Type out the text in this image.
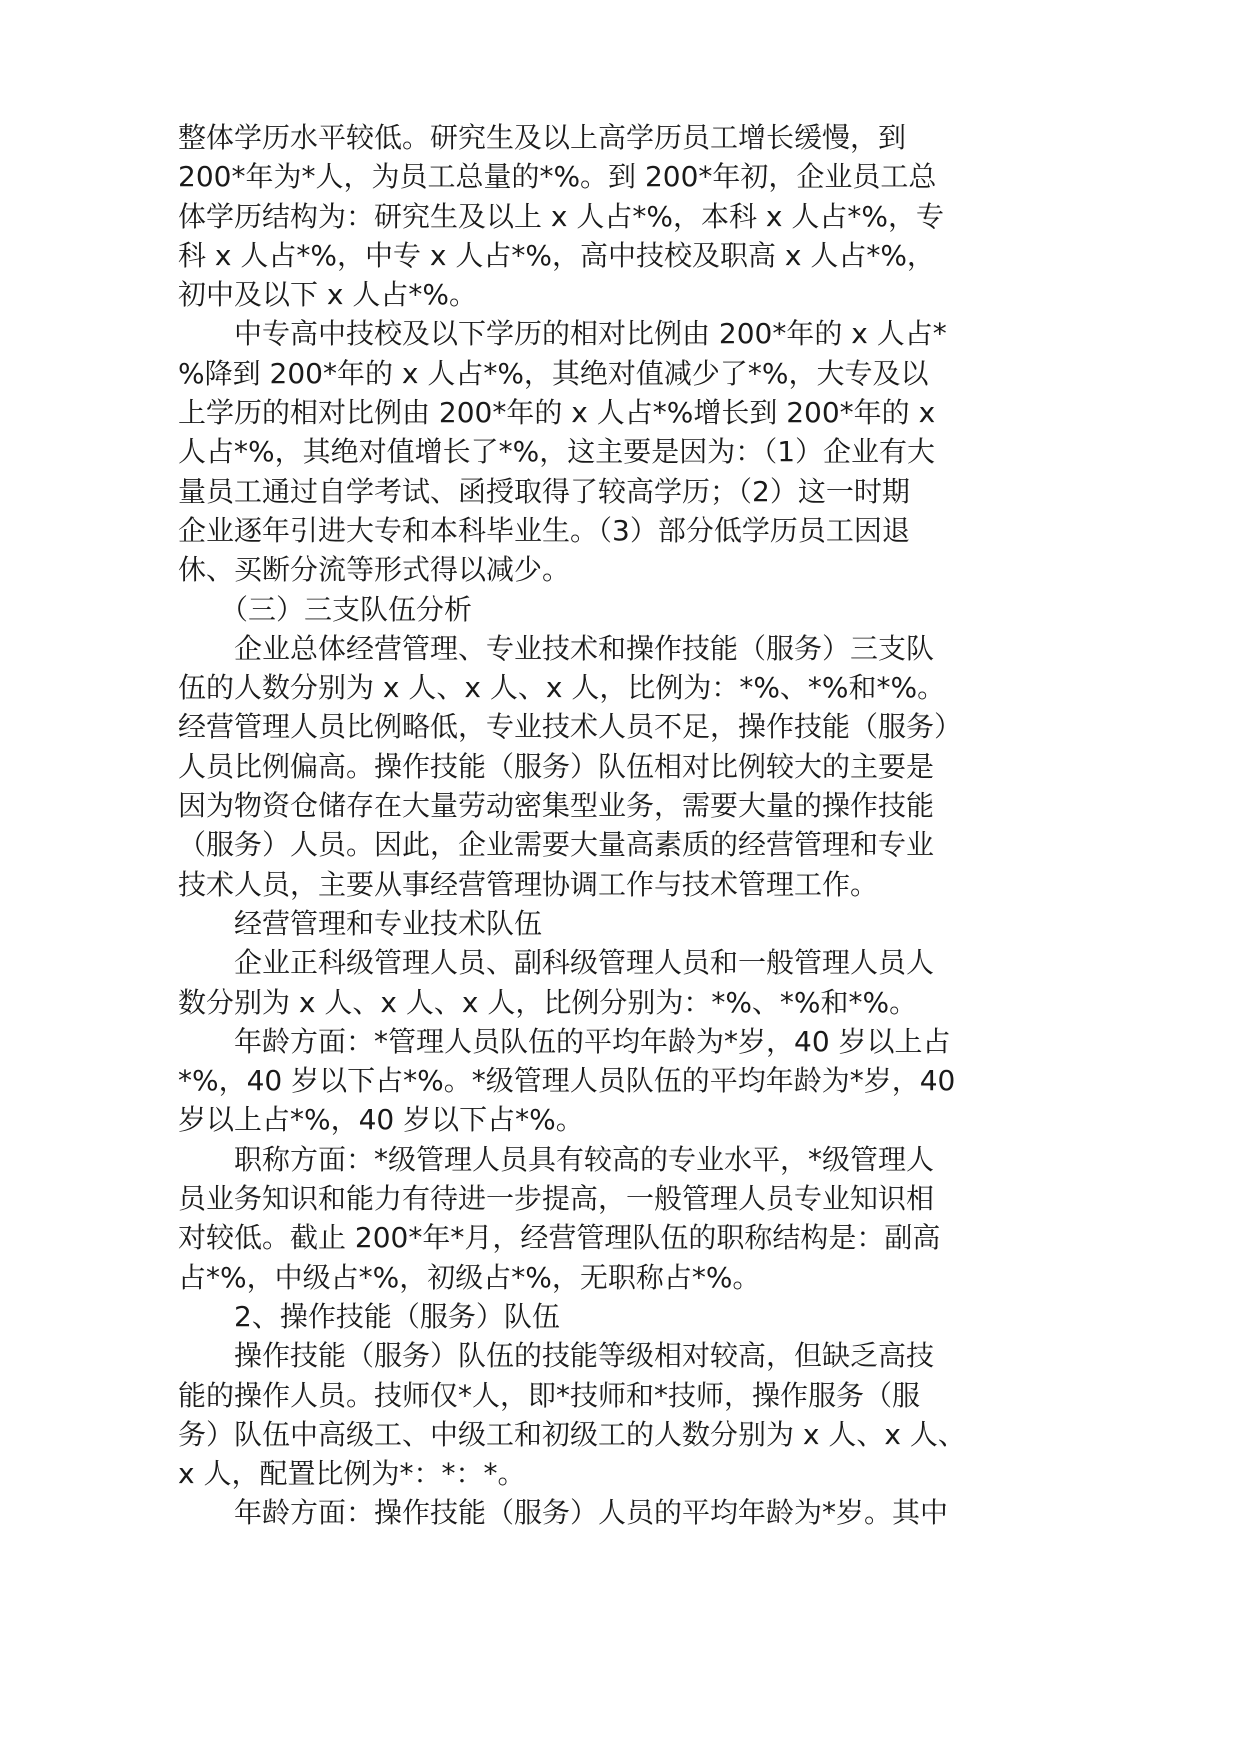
整体学历水平较低。研究生及以上高学历员工增长缓慢，到
200*年为*人，为员工总量的*%。到 200*年初，企业员工总
体学历结构为：研究生及以上 x 人占*%，本科 x 人占*%，专
科 x 人占*%，中专 x 人占*%，高中技校及职高 x 人占*%，
初中及以下 x 人占*%。
　　中专高中技校及以下学历的相对比例由 200*年的 x 人占*
%降到 200*年的 x 人占*%，其绝对值减少了*%，大专及以
上学历的相对比例由 200*年的 x 人占*%增长到 200*年的 x
人占*%，其绝对值增长了*%，这主要是因为：（1）企业有大
量员工通过自学考试、函授取得了较高学历；（2）这一时期
企业逐年引进大专和本科毕业生。（3）部分低学历员工因退
休、买断分流等形式得以减少。
　　（三）三支队伍分析
　　企业总体经营管理、专业技术和操作技能（服务）三支队
伍的人数分别为 x 人、x 人、x 人，比例为：*%、*%和*%。
经营管理人员比例略低，专业技术人员不足，操作技能（服务）
人员比例偏高。操作技能（服务）队伍相对比例较大的主要是
因为物资仓储存在大量劳动密集型业务，需要大量的操作技能
（服务）人员。因此，企业需要大量高素质的经营管理和专业
技术人员，主要从事经营管理协调工作与技术管理工作。
　　经营管理和专业技术队伍
　　企业正科级管理人员、副科级管理人员和一般管理人员人
数分别为 x 人、x 人、x 人，比例分别为：*%、*%和*%。
　　年龄方面：*管理人员队伍的平均年龄为*岁，40 岁以上占
*%，40 岁以下占*%。*级管理人员队伍的平均年龄为*岁，40
岁以上占*%，40 岁以下占*%。
　　职称方面：*级管理人员具有较高的专业水平，*级管理人
员业务知识和能力有待进一步提高，一般管理人员专业知识相
对较低。截止 200*年*月，经营管理队伍的职称结构是：副高
占*%，中级占*%，初级占*%，无职称占*%。
　　2、操作技能（服务）队伍
　　操作技能（服务）队伍的技能等级相对较高，但缺乏高技
能的操作人员。技师仅*人，即*技师和*技师，操作服务（服
务）队伍中高级工、中级工和初级工的人数分别为 x 人、x 人、
x 人，配置比例为*：*：*。
　　年龄方面：操作技能（服务）人员的平均年龄为*岁。其中
